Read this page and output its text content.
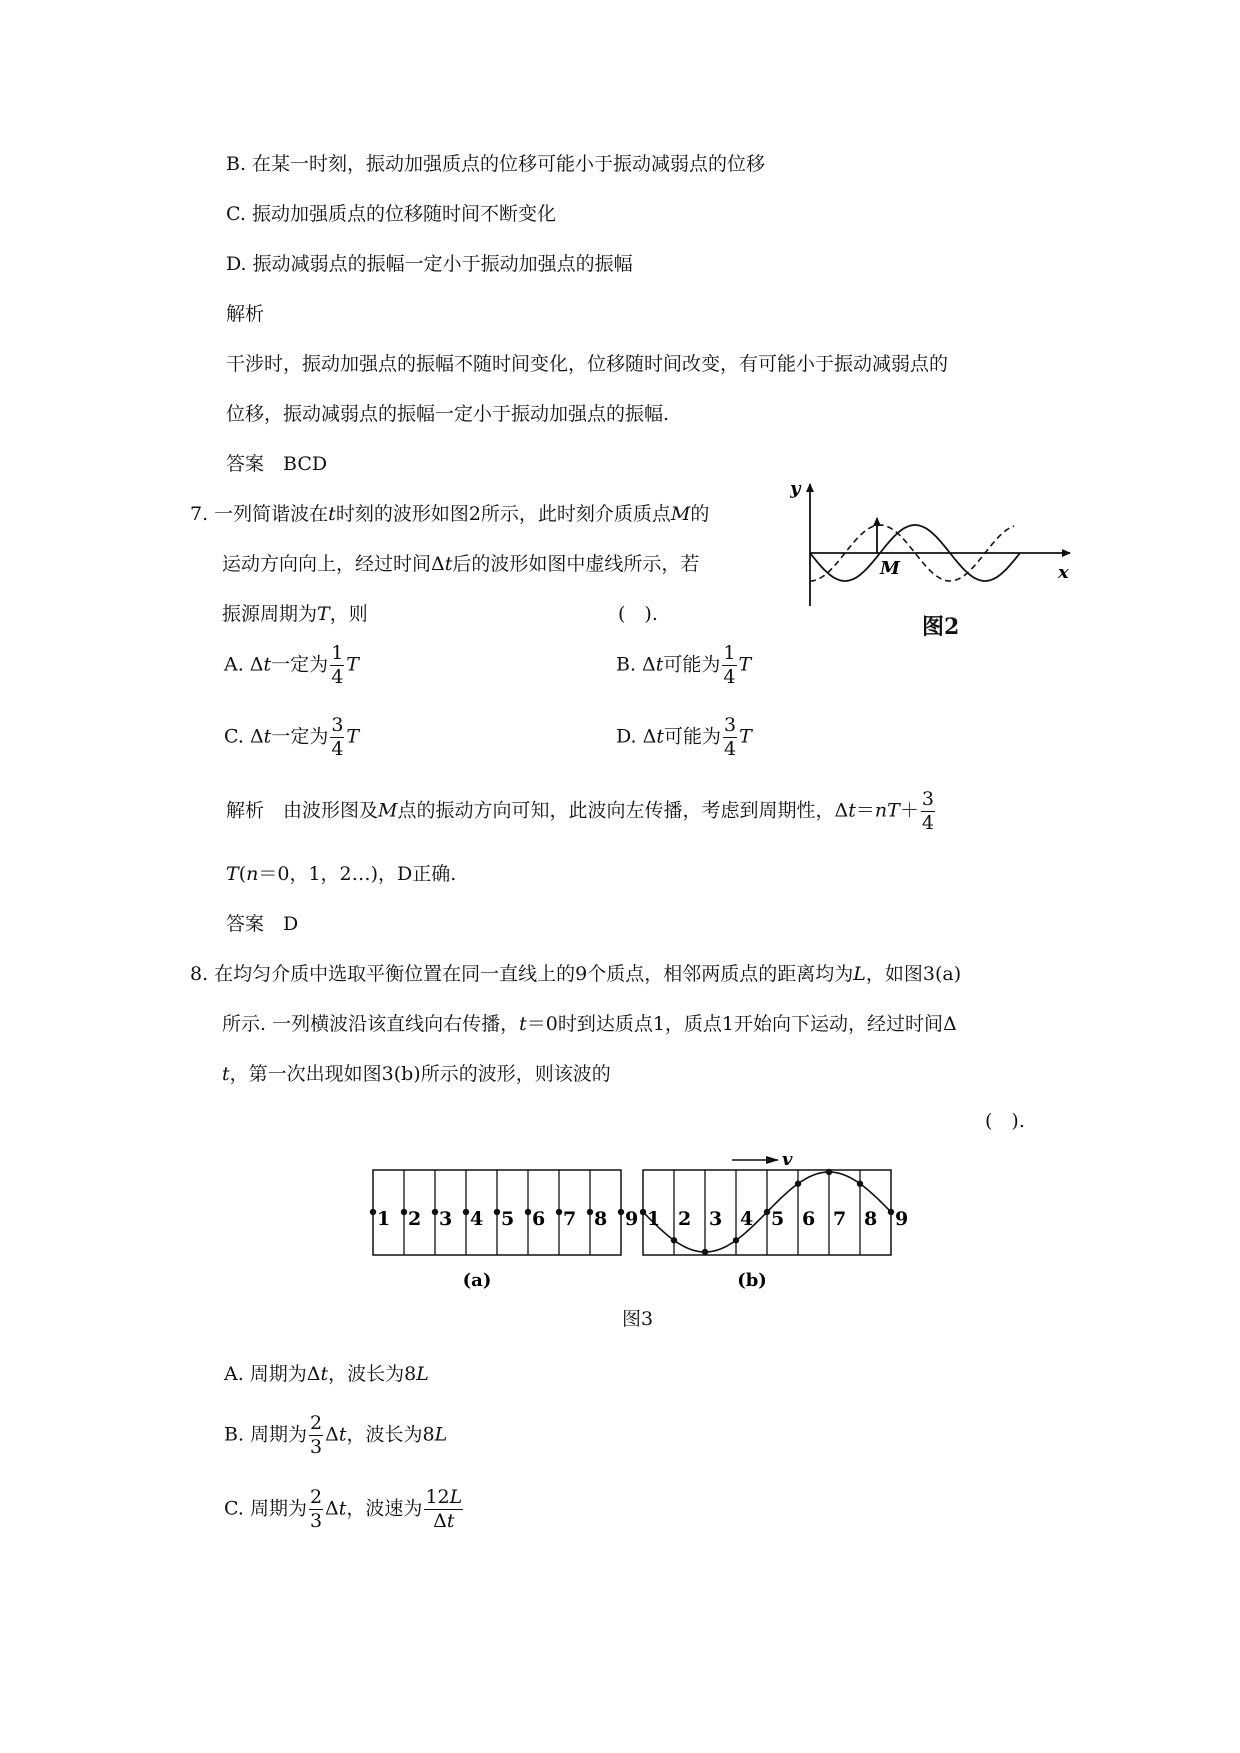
B. 在某一时刻，振动加强质点的位移可能小于振动减弱点的位移
C. 振动加强质点的位移随时间不断变化
D. 振动减弱点的振幅一定小于振动加强点的振幅
解析
干涉时，振动加强点的振幅不随时间变化，位移随时间改变，有可能小于振动减弱点的
位移，振动减弱点的振幅一定小于振动加强点的振幅.
答案　BCD
7. 一列简谐波在t时刻的波形如图2所示，此时刻介质质点M的
运动方向向上，经过时间Δt后的波形如图中虚线所示，若
振源周期为T，则	(　).
y
x
M
图2
A. Δt一定为 $\frac{1}{4}$ T	B. Δt可能为 $\frac{1}{4}$ T
C. Δt一定为 $\frac{3}{4}$ T	D. Δt可能为 $\frac{3}{4}$ T
解析　由波形图及M点的振动方向可知，此波向左传播，考虑到周期性，$\Delta t=nT+ \frac{3}{4}$
T(n＝0，1，2…)，D正确.
答案　D
8. 在均匀介质中选取平衡位置在同一直线上的9个质点，相邻两质点的距离均为L，如图3(a)
所示. 一列横波沿该直线向右传播，t＝0时到达质点1，质点1开始向下运动，经过时间Δ
t，第一次出现如图3(b)所示的波形，则该波的
(　).
1 2 3 4 5 6 7 8 9 1 2 3 4 5 6 7 8 9
v
(a)	(b)
图3
A. 周期为Δt，波长为8L
B. 周期为 $\frac{2}{3}$ Δt，波长为8L
C. 周期为 $\frac{2}{3}$ Δt，波速为 $\frac{12L}{\Delta t}$
